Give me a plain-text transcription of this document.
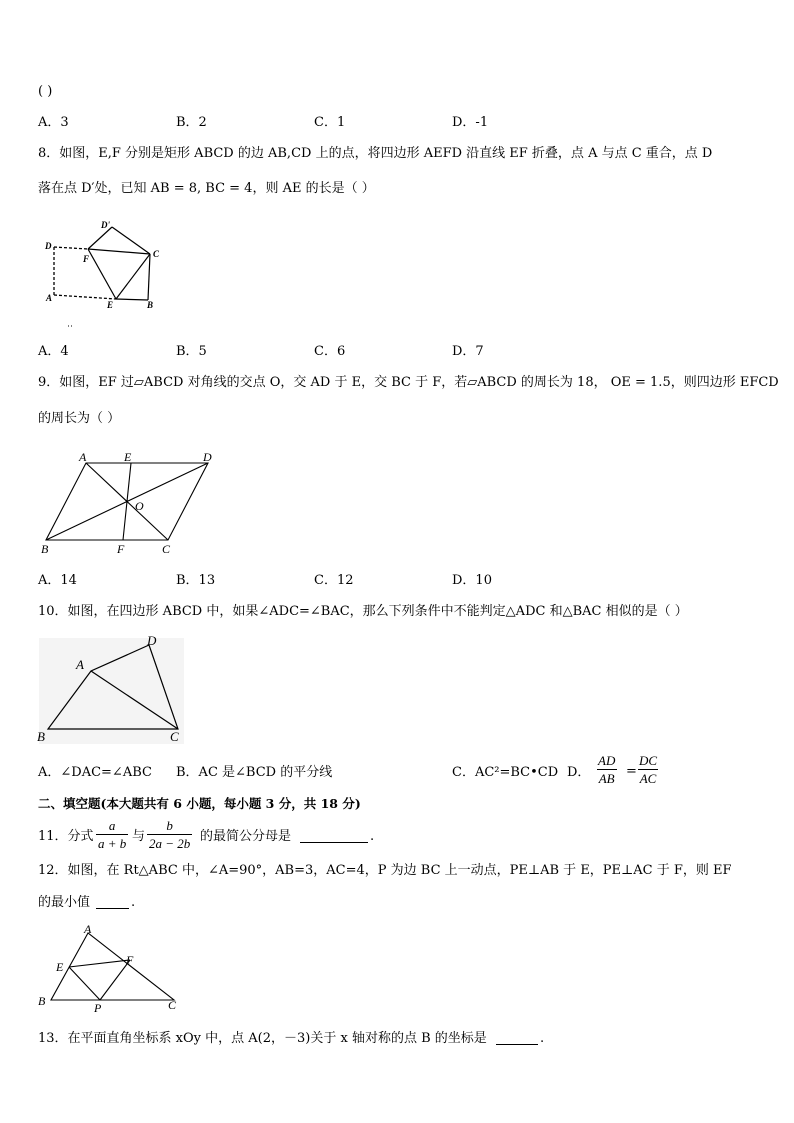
( )
A．3	B．2	C．1	D．-1
8．如图，E,F 分别是矩形 ABCD 的边 AB,CD 上的点，将四边形 AEFD 沿直线 EF 折叠，点 A 与点 C 重合，点 D
落在点 D′处，已知 AB = 8, BC = 4，则 AE 的长是（ ）
D'
D
F	C
A
E	B
A．4	B．5	C．6	D．7
9．如图，EF 过▱ABCD 对角线的交点 O，交 AD 于 E，交 BC 于 F，若▱ABCD 的周长为 18， OE = 1.5，则四边形 EFCD
的周长为（ ）
A	E	D
O
B	F	C
A．14	B．13	C．12	D．10
10．如图，在四边形 ABCD 中，如果∠ADC=∠BAC，那么下列条件中不能判定△ADC 和△BAC 相似的是（ ）
D
A
B	C
A．∠DAC=∠ABC B．AC 是∠BCD 的平分线	C．AC²=BC•CD D． $\frac{AD}{AB} = \frac{DC}{AC}$
二、填空题(本大题共有 6 小题，每小题 3 分，共 18 分)
11．分式 $\frac{a}{a + b}$ 与 $\frac{b}{2a - 2b}$ 的最简公分母是	.
12．如图，在 Rt△ABC 中，∠A=90°，AB=3，AC=4，P 为边 BC 上一动点，PE⊥AB 于 E，PE⊥AC 于 F，则 EF
的最小值	.
A
E	F
B	P	C
13．在平面直角坐标系 xOy 中，点 A(2，－3)关于 x 轴对称的点 B 的坐标是	.
